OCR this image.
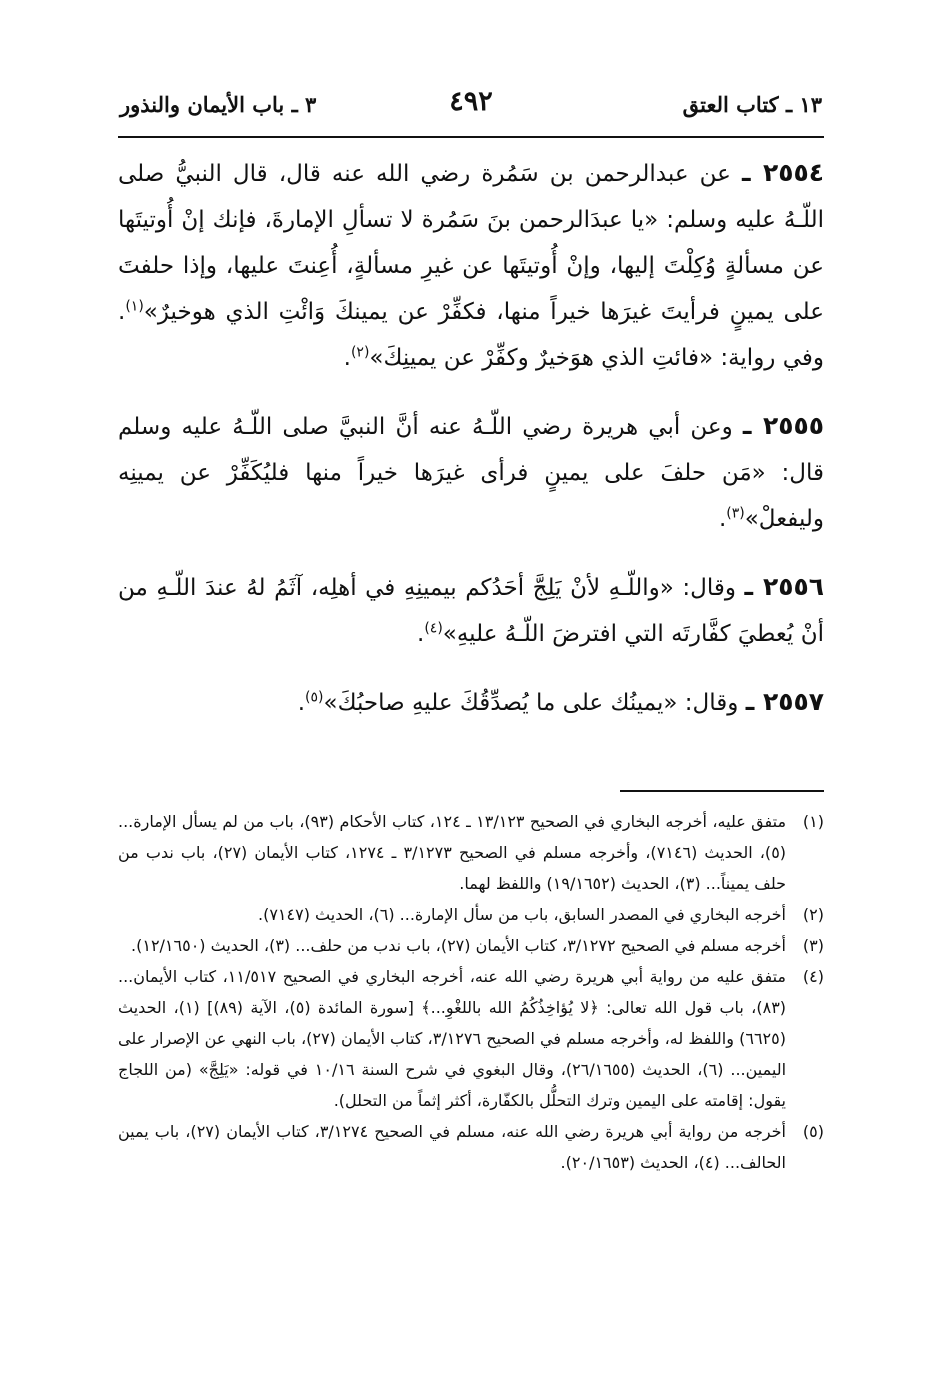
١٣ ـ كتاب العتق
٤٩٢
٣ ـ باب الأيمان والنذور

٢٥٥٤ ـ عن عبدالرحمن بن سَمُرة رضي الله عنه قال، قال النبيُّ صلى اللّـهُ عليه وسلم: «يا عبدَالرحمن بنَ سَمُرة لا تسألِ الإمارةَ، فإنك إنْ أُوتيتَها عن مسألةٍ وُكِلْتَ إليها، وإنْ أُوتيتَها عن غيرِ مسألةٍ، أُعِنتَ عليها، وإذا حلفتَ على يمينٍ فرأيتَ غيرَها خيراً منها، فكفِّرْ عن يمينكَ وَائْتِ الذي هوخيرٌ»$^{(١)}$. وفي رواية: «فائتِ الذي هوَخيرٌ وكفِّرْ عن يمينِكَ»$^{(٢)}$.

٢٥٥٥ ـ وعن أبي هريرة رضي اللّـهُ عنه أنَّ النبيَّ صلى اللّـهُ عليه وسلم قال: «مَن حلفَ على يمينٍ فرأى غيرَها خيراً منها فليُكَفِّرْ عن يمينِه وليفعلْ»$^{(٣)}$.

٢٥٥٦ ـ وقال: «واللّـهِ لأنْ يَلِجَّ أحَدُكم بيمينِهِ في أهلِه، آثَمُ لهُ عندَ اللّـهِ من أنْ يُعطيَ كفَّارتَه التي افترضَ اللّـهُ عليهِ»$^{(٤)}$.

٢٥٥٧ ـ وقال: «يمينُك على ما يُصدِّقُكَ عليهِ صاحبُكَ»$^{(٥)}$.

(١)
متفق عليه، أخرجه البخاري في الصحيح ١٣/١٢٣ ـ ١٢٤، كتاب الأحكام (٩٣)، باب من لم يسأل الإمارة... (٥)، الحديث (٧١٤٦)، وأخرجه مسلم في الصحيح ٣/١٢٧٣ ـ ١٢٧٤، كتاب الأيمان (٢٧)، باب ندب من حلف يميناً... (٣)، الحديث (١٩/١٦٥٢) واللفظ لهما.

(٢)
أخرجه البخاري في المصدر السابق، باب من سأل الإمارة... (٦)، الحديث (٧١٤٧).

(٣)
أخرجه مسلم في الصحيح ٣/١٢٧٢، كتاب الأيمان (٢٧)، باب ندب من حلف... (٣)، الحديث (١٢/١٦٥٠).

(٤)
متفق عليه من رواية أبي هريرة رضي الله عنه، أخرجه البخاري في الصحيح ١١/٥١٧، كتاب الأيمان... (٨٣)، باب قول الله تعالى: ﴿لا يُؤاخِذُكُمُ الله باللغْوِ...﴾ [سورة المائدة (٥)، الآية (٨٩)] (١)، الحديث (٦٦٢٥) واللفظ له، وأخرجه مسلم في الصحيح ٣/١٢٧٦، كتاب الأيمان (٢٧)، باب النهي عن الإصرار على اليمين... (٦)، الحديث (٢٦/١٦٥٥)، وقال البغوي في شرح السنة ١٠/١٦ في قوله: «يَلِجَّ» (من اللجاج يقول: إقامته على اليمين وترك التحلُّل بالكفّارة، أكثر إثماً من التحلل).

(٥)
أخرجه من رواية أبي هريرة رضي الله عنه، مسلم في الصحيح ٣/١٢٧٤، كتاب الأيمان (٢٧)، باب يمين الحالف... (٤)، الحديث (٢٠/١٦٥٣).
